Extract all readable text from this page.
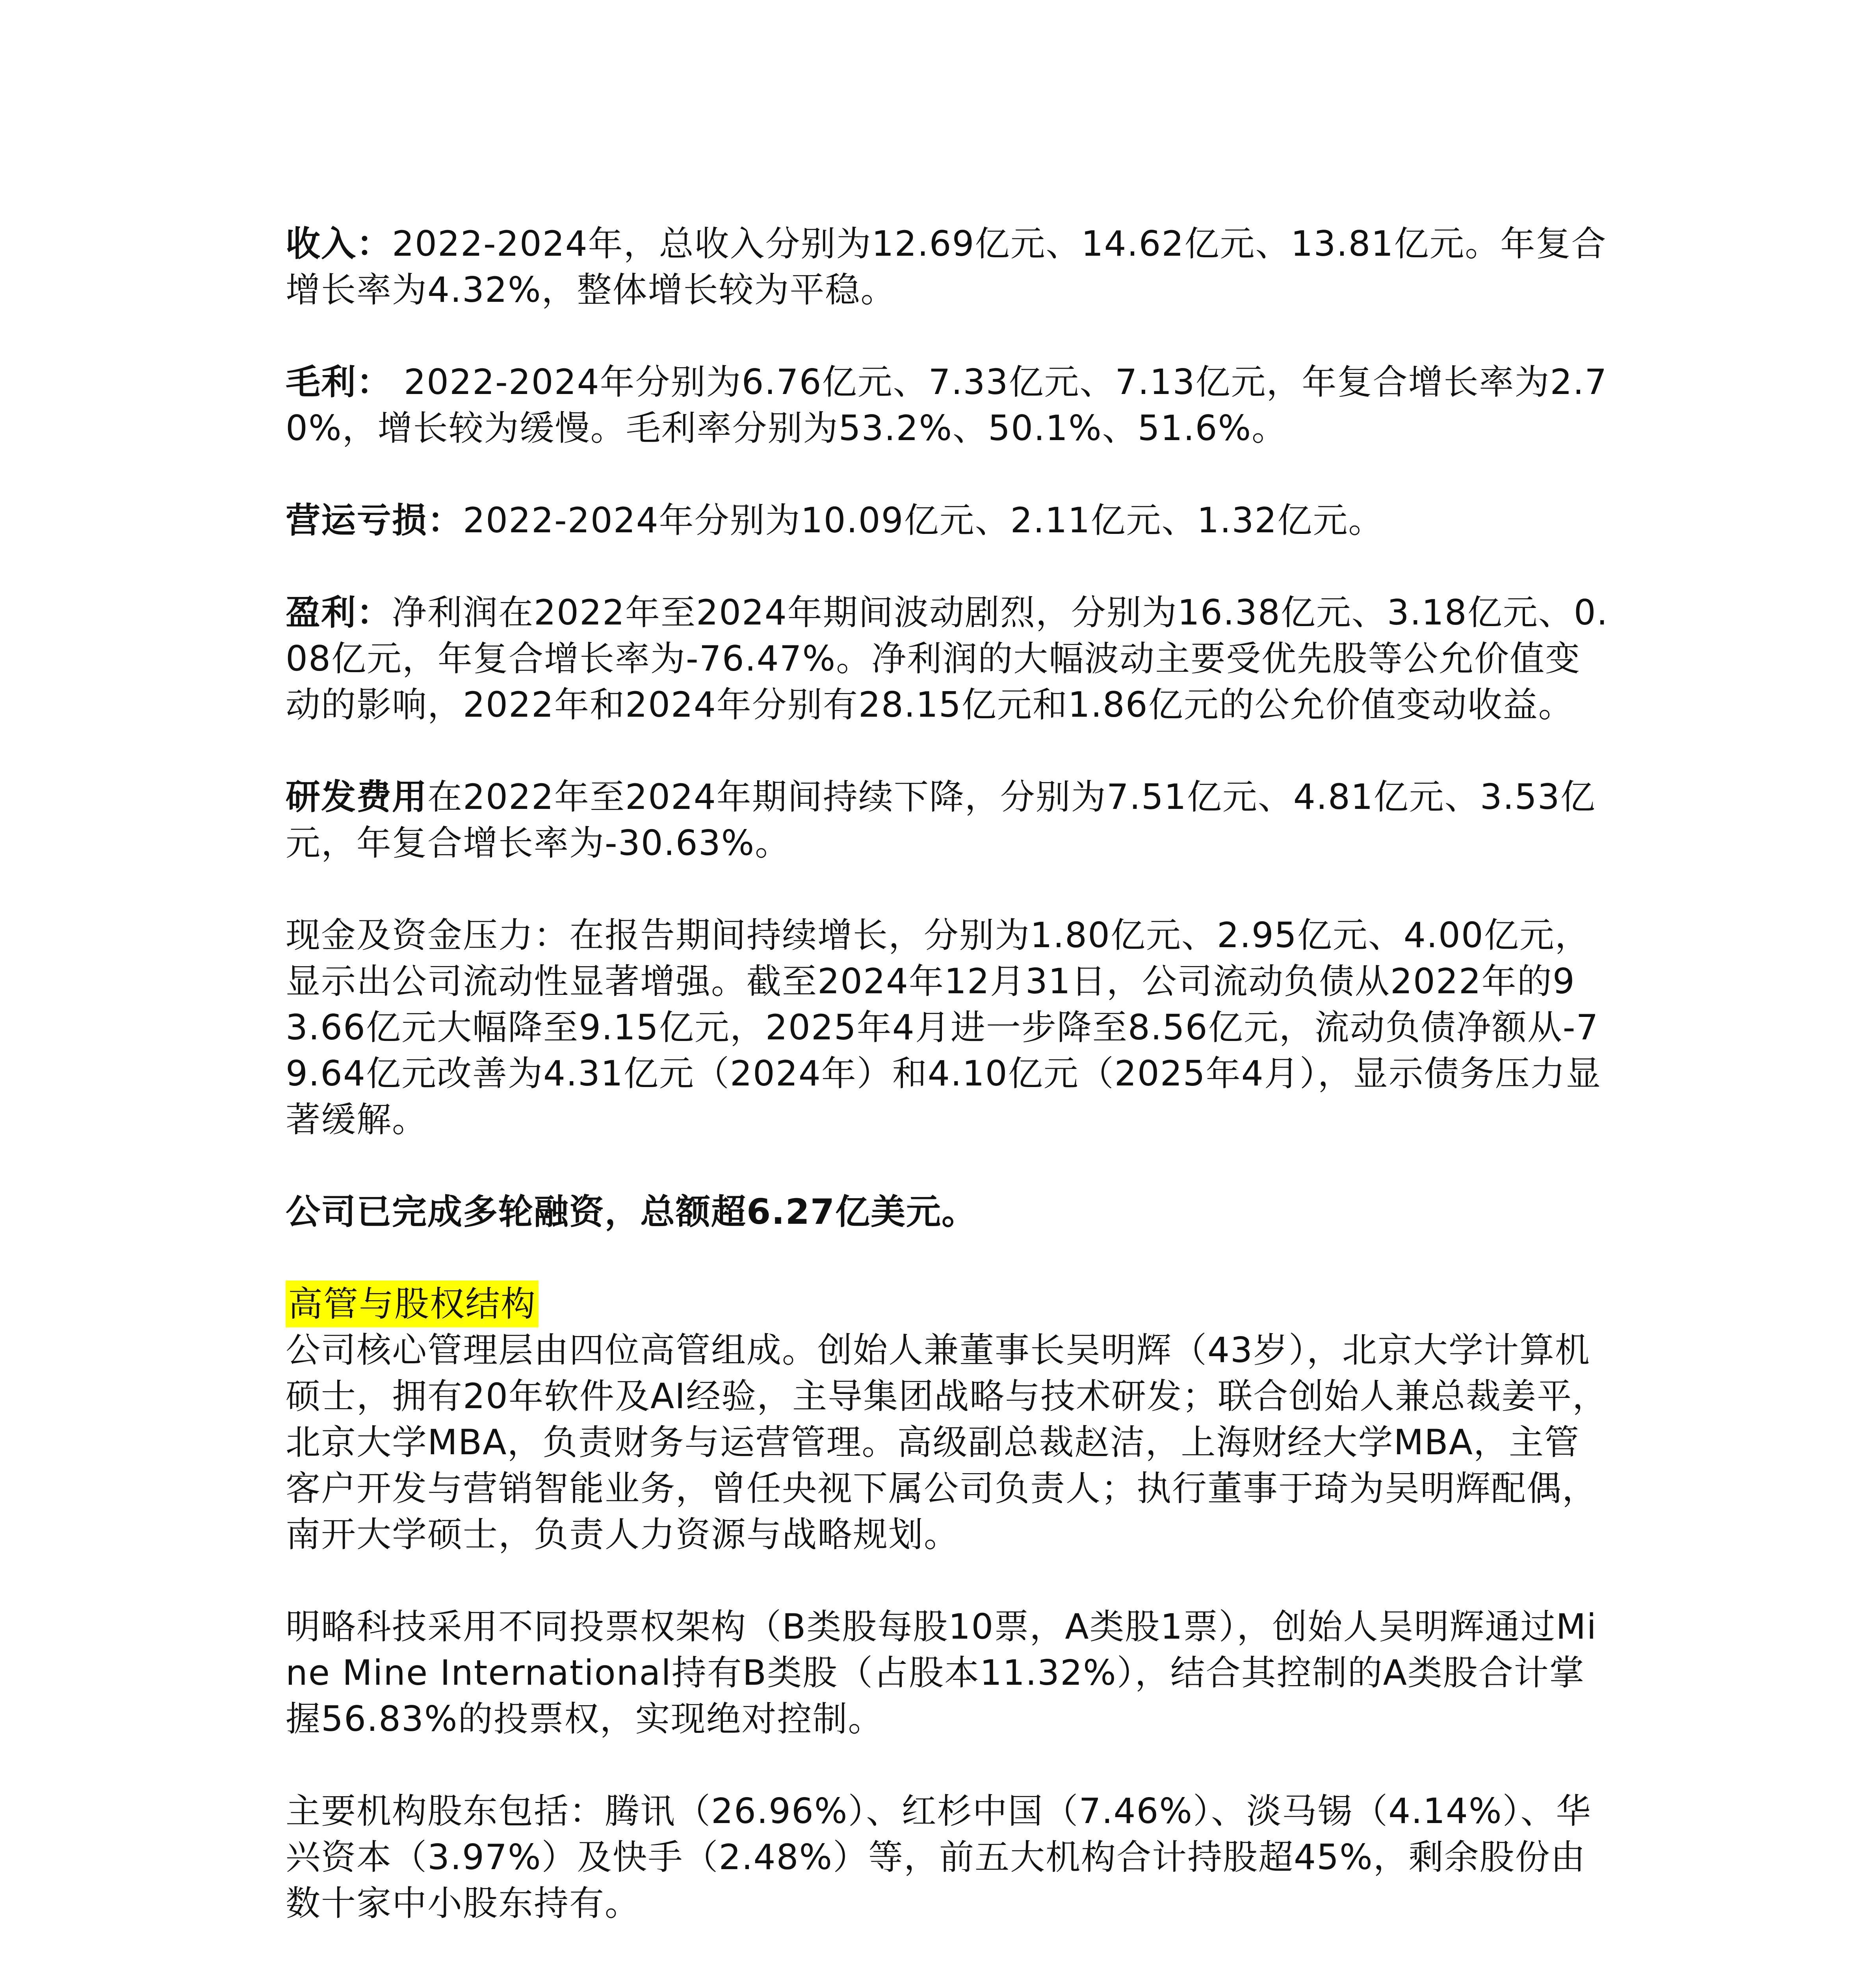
收入：2022-2024年，总收入分别为12.69亿元、14.62亿元、13.81亿元。年复合增长率为4.32%，整体增长较为平稳。

毛利： 2022-2024年分别为6.76亿元、7.33亿元、7.13亿元，年复合增长率为2.70%，增长较为缓慢。毛利率分别为53.2%、50.1%、51.6%。

营运亏损：2022-2024年分别为10.09亿元、2.11亿元、1.32亿元。

盈利：净利润在2022年至2024年期间波动剧烈，分别为16.38亿元、3.18亿元、0.08亿元，年复合增长率为-76.47%。净利润的大幅波动主要受优先股等公允价值变动的影响，2022年和2024年分别有28.15亿元和1.86亿元的公允价值变动收益。

研发费用在2022年至2024年期间持续下降，分别为7.51亿元、4.81亿元、3.53亿元，年复合增长率为-30.63%。

现金及资金压力：在报告期间持续增长，分别为1.80亿元、2.95亿元、4.00亿元，显示出公司流动性显著增强。截至2024年12月31日，公司流动负债从2022年的93.66亿元大幅降至9.15亿元，2025年4月进一步降至8.56亿元，流动负债净额从-79.64亿元改善为4.31亿元（2024年）和4.10亿元（2025年4月），显示债务压力显著缓解。

公司已完成多轮融资，总额超6.27亿美元。

高管与股权结构

公司核心管理层由四位高管组成。创始人兼董事长吴明辉（43岁），北京大学计算机硕士，拥有20年软件及AI经验，主导集团战略与技术研发；联合创始人兼总裁姜平，北京大学MBA，负责财务与运营管理。高级副总裁赵洁，上海财经大学MBA，主管客户开发与营销智能业务，曾任央视下属公司负责人；执行董事于琦为吴明辉配偶，南开大学硕士，负责人力资源与战略规划。

明略科技采用不同投票权架构（B类股每股10票，A类股1票），创始人吴明辉通过Mine Mine International持有B类股（占股本11.32%），结合其控制的A类股合计掌握56.83%的投票权，实现绝对控制。

主要机构股东包括：腾讯（26.96%）、红杉中国（7.46%）、淡马锡（4.14%）、华兴资本（3.97%）及快手（2.48%）等，前五大机构合计持股超45%，剩余股份由数十家中小股东持有。
